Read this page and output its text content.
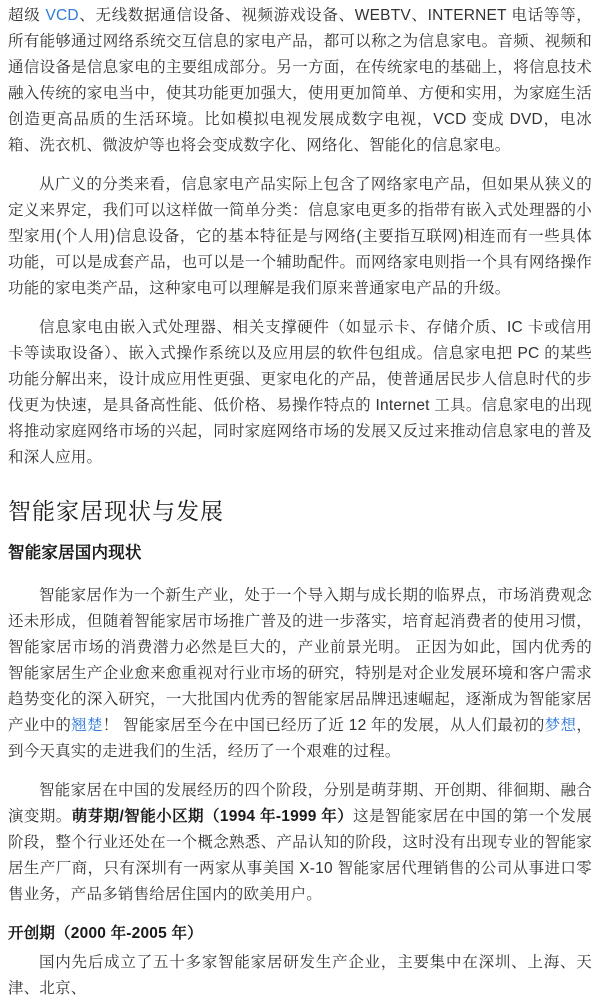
超级 VCD、无线数据通信设备、视频游戏设备、WEBTV、INTERNET 电话等等，所有能够通过网络系统交互信息的家电产品，都可以称之为信息家电。音频、视频和通信设备是信息家电的主要组成部分。另一方面，在传统家电的基础上，将信息技术融入传统的家电当中，使其功能更加强大，使用更加简单、方便和实用，为家庭生活创造更高品质的生活环境。比如模拟电视发展成数字电视，VCD 变成 DVD，电冰箱、洗衣机、微波炉等也将会变成数字化、网络化、智能化的信息家电。

从广义的分类来看，信息家电产品实际上包含了网络家电产品，但如果从狭义的定义来界定，我们可以这样做一简单分类：信息家电更多的指带有嵌入式处理器的小型家用(个人用)信息设备，它的基本特征是与网络(主要指互联网)相连而有一些具体功能，可以是成套产品，也可以是一个辅助配件。而网络家电则指一个具有网络操作功能的家电类产品，这种家电可以理解是我们原来普通家电产品的升级。

信息家电由嵌入式处理器、相关支撑硬件（如显示卡、存储介质、IC 卡或信用卡等读取设备）、嵌入式操作系统以及应用层的软件包组成。信息家电把 PC 的某些功能分解出来，设计成应用性更强、更家电化的产品，使普通居民步人信息时代的步伐更为快速，是具备高性能、低价格、易操作特点的 Internet 工具。信息家电的出现将推动家庭网络市场的兴起，同时家庭网络市场的发展又反过来推动信息家电的普及和深人应用。

智能家居现状与发展
智能家居国内现状

智能家居作为一个新生产业，处于一个导入期与成长期的临界点，市场消费观念还未形成，但随着智能家居市场推广普及的进一步落实，培育起消费者的使用习惯，智能家居市场的消费潜力必然是巨大的，产业前景光明。 正因为如此，国内优秀的智能家居生产企业愈来愈重视对行业市场的研究，特别是对企业发展环境和客户需求趋势变化的深入研究，一大批国内优秀的智能家居品牌迅速崛起，逐渐成为智能家居产业中的翘楚！ 智能家居至今在中国已经历了近 12 年的发展，从人们最初的梦想，到今天真实的走进我们的生活，经历了一个艰难的过程。

智能家居在中国的发展经历的四个阶段，分别是萌芽期、开创期、徘徊期、融合演变期。萌芽期/智能小区期（1994 年-1999 年）这是智能家居在中国的第一个发展阶段，整个行业还处在一个概念熟悉、产品认知的阶段，这时没有出现专业的智能家居生产厂商，只有深圳有一两家从事美国 X-10 智能家居代理销售的公司从事进口零售业务，产品多销售给居住国内的欧美用户。

开创期（2000 年-2005 年）

国内先后成立了五十多家智能家居研发生产企业，主要集中在深圳、上海、天津、北京、
